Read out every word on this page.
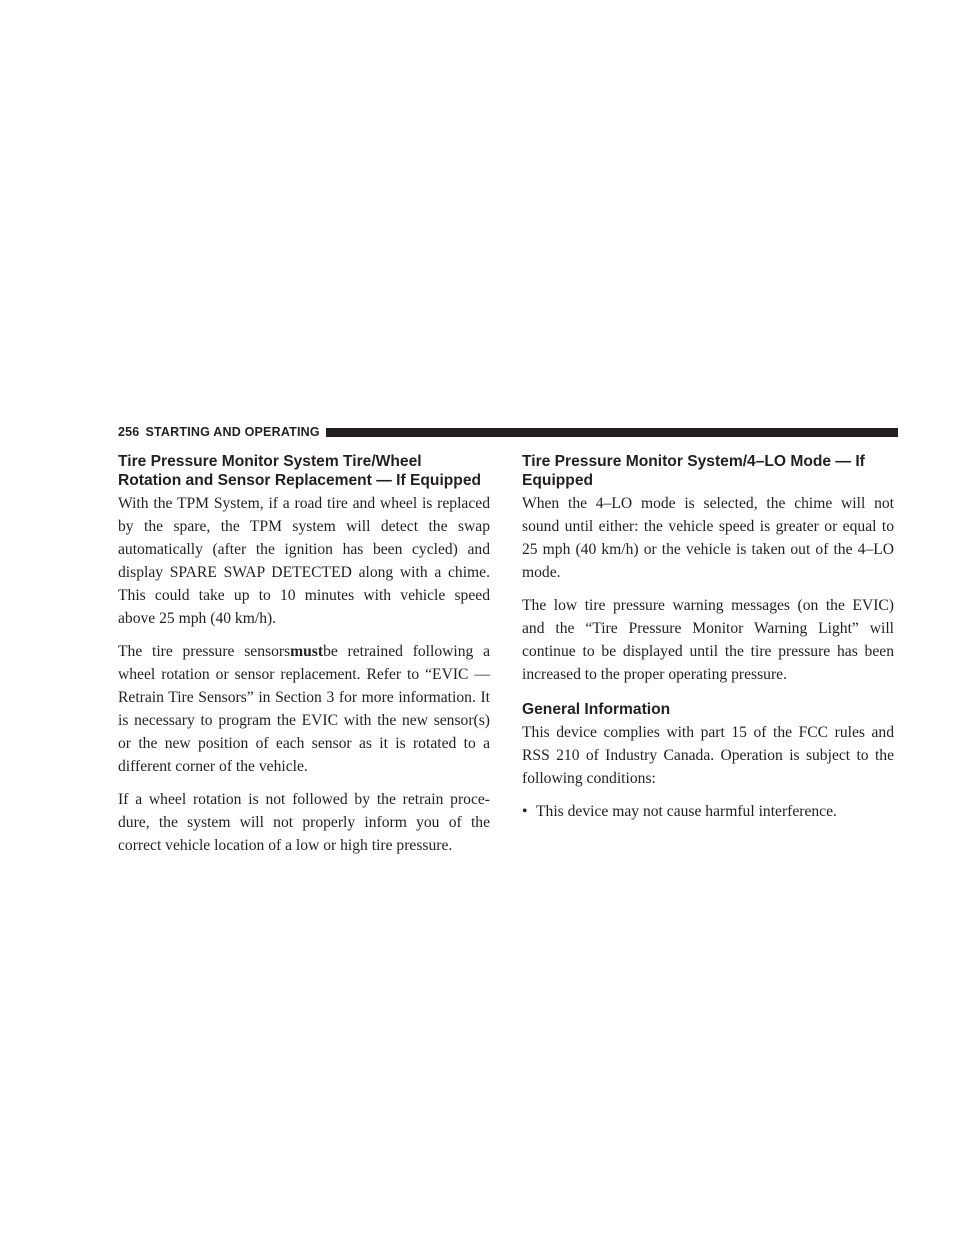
256 STARTING AND OPERATING
Tire Pressure Monitor System Tire/Wheel
Rotation and Sensor Replacement — If Equipped

With the TPM System, if a road tire and wheel is replaced
by the spare, the TPM system will detect the swap
automatically (after the ignition has been cycled) and
display SPARE SWAP DETECTED along with a chime.
This could take up to 10 minutes with vehicle speed
above 25 mph (40 km/h).

The tire pressure sensorsmustbe retrained following a
wheel rotation or sensor replacement. Refer to “EVIC —
Retrain Tire Sensors” in Section 3 for more information. It
is necessary to program the EVIC with the new sensor(s)
or the new position of each sensor as it is rotated to a
different corner of the vehicle.

If a wheel rotation is not followed by the retrain proce-
dure, the system will not properly inform you of the
correct vehicle location of a low or high tire pressure.

Tire Pressure Monitor System/4–LO Mode — If
Equipped

When the 4–LO mode is selected, the chime will not
sound until either: the vehicle speed is greater or equal to
25 mph (40 km/h) or the vehicle is taken out of the 4–LO
mode.

The low tire pressure warning messages (on the EVIC)
and the “Tire Pressure Monitor Warning Light” will
continue to be displayed until the tire pressure has been
increased to the proper operating pressure.

General Information

This device complies with part 15 of the FCC rules and
RSS 210 of Industry Canada. Operation is subject to the
following conditions:

• This device may not cause harmful interference.
